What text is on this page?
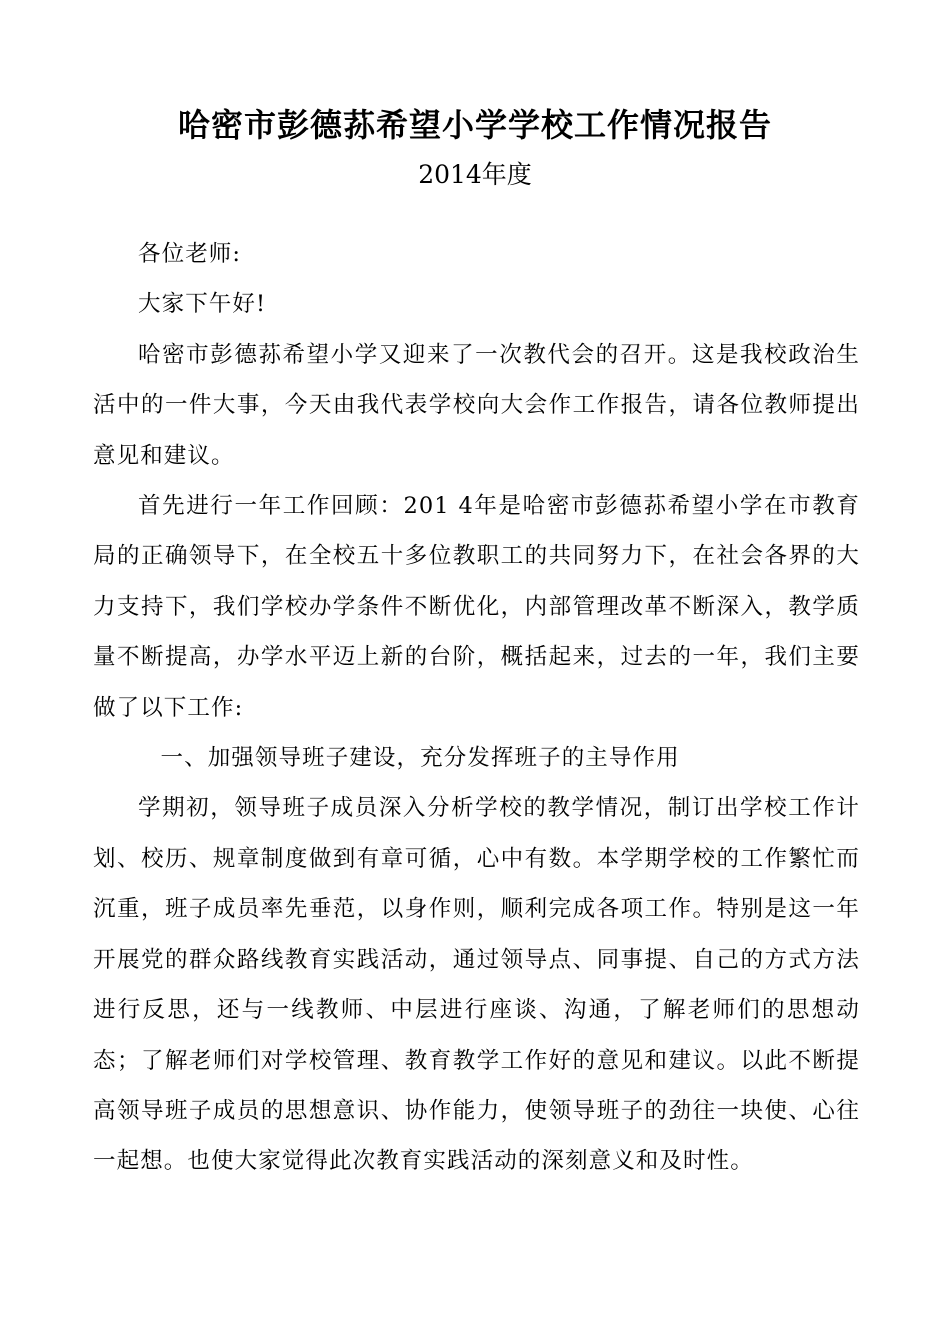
哈密市彭德荪希望小学学校工作情况报告
2014年度

各位老师:

大家下午好!

哈密市彭德荪希望小学又迎来了一次教代会的召开。这是我校政治生活中的一件大事，今天由我代表学校向大会作工作报告，请各位教师提出意见和建议。

首先进行一年工作回顾：201 4年是哈密市彭德荪希望小学在市教育局的正确领导下，在全校五十多位教职工的共同努力下，在社会各界的大力支持下，我们学校办学条件不断优化，内部管理改革不断深入，教学质量不断提高，办学水平迈上新的台阶，概括起来，过去的一年，我们主要做了以下工作:

一、加强领导班子建设，充分发挥班子的主导作用

学期初，领导班子成员深入分析学校的教学情况，制订出学校工作计划、校历、规章制度做到有章可循，心中有数。本学期学校的工作繁忙而沉重，班子成员率先垂范，以身作则，顺利完成各项工作。特别是这一年开展党的群众路线教育实践活动，通过领导点、同事提、自己的方式方法进行反思，还与一线教师、中层进行座谈、沟通，了解老师们的思想动态；了解老师们对学校管理、教育教学工作好的意见和建议。以此不断提高领导班子成员的思想意识、协作能力，使领导班子的劲往一块使、心往一起想。也使大家觉得此次教育实践活动的深刻意义和及时性。
